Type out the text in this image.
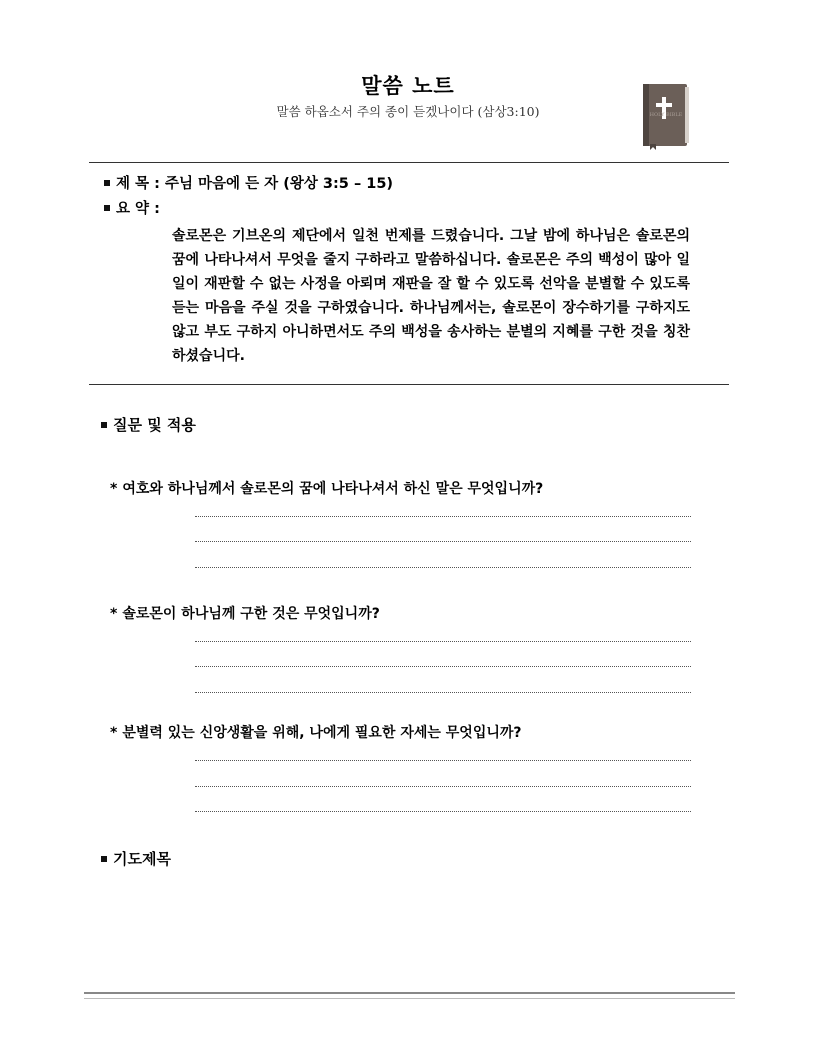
말씀 노트
말씀 하옵소서 주의 종이 듣겠나이다 (삼상3:10)	HOLY BIBLE
제 목 : 주님 마음에 든 자 (왕상 3:5 – 15)
요 약 :
솔로몬은 기브온의 제단에서 일천 번제를 드렸습니다. 그날 밤에 하나님은 솔로몬의 꿈에 나타나셔서 무엇을 줄지 구하라고 말씀하십니다. 솔로몬은 주의 백성이 많아 일일이 재판할 수 없는 사정을 아뢰며 재판을 잘 할 수 있도록 선악을 분별할 수 있도록 듣는 마음을 주실 것을 구하였습니다. 하나님께서는, 솔로몬이 장수하기를 구하지도 않고 부도 구하지 아니하면서도 주의 백성을 송사하는 분별의 지혜를 구한 것을 칭찬하셨습니다.
질문 및 적용
* 여호와 하나님께서 솔로몬의 꿈에 나타나셔서 하신 말은 무엇입니까?
* 솔로몬이 하나님께 구한 것은 무엇입니까?
* 분별력 있는 신앙생활을 위해, 나에게 필요한 자세는 무엇입니까?
기도제목
